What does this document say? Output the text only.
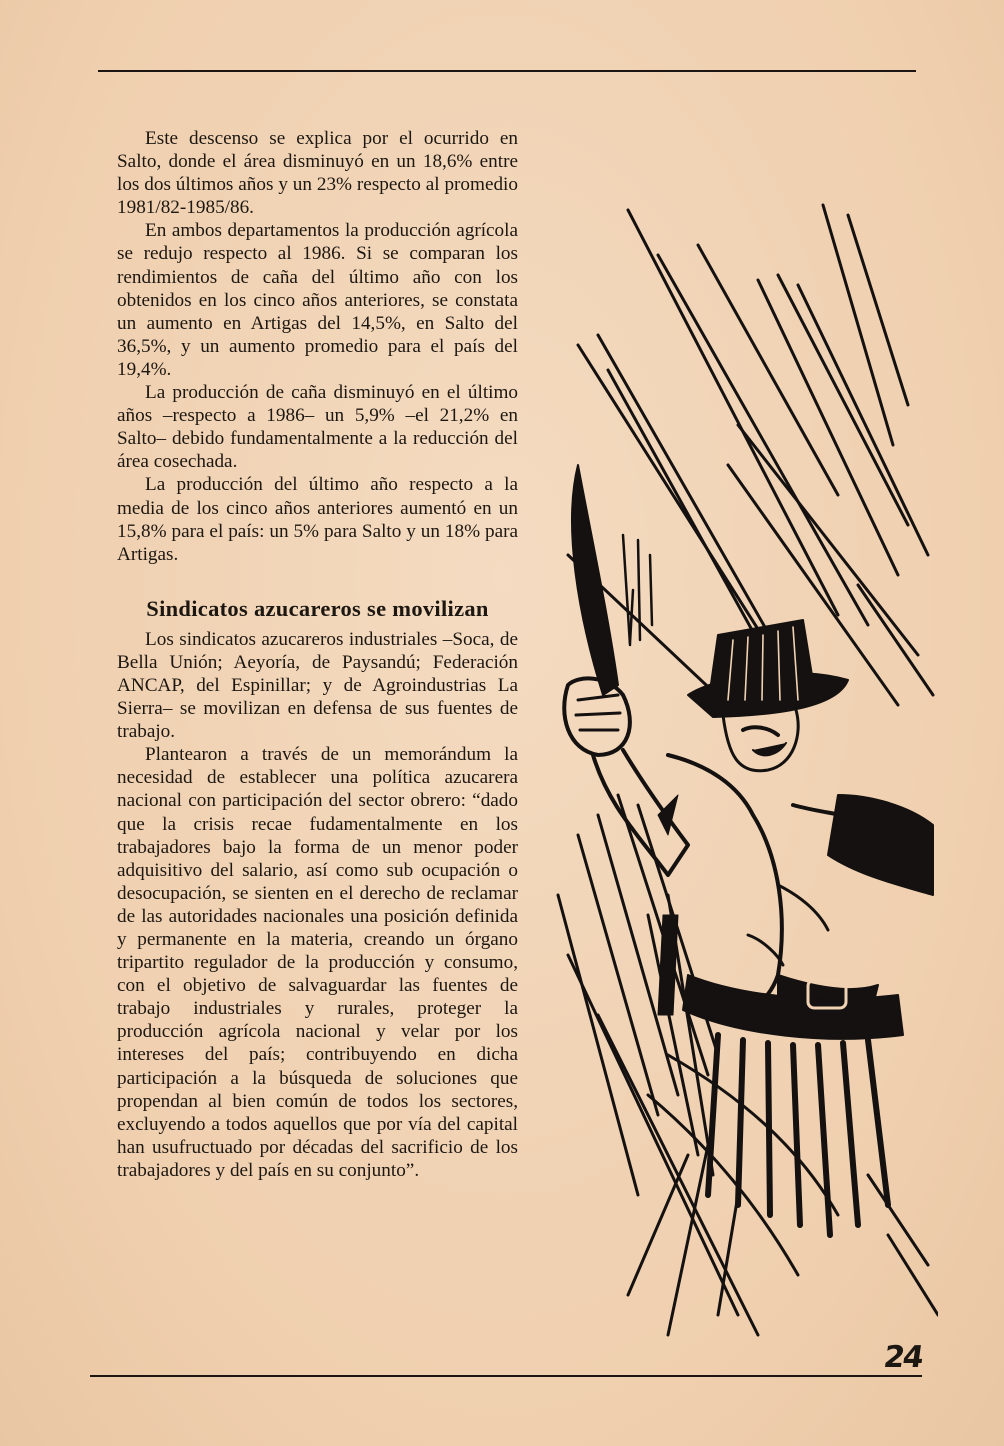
Este descenso se explica por el ocurrido en Salto, donde el área disminuyó en un 18,6% entre los dos últimos años y un 23% respecto al promedio 1981/82-1985/86.

En ambos departamentos la producción agrícola se redujo respecto al 1986. Si se comparan los rendimientos de caña del último año con los obtenidos en los cinco años anteriores, se constata un aumento en Artigas del 14,5%, en Salto del 36,5%, y un aumento promedio para el país del 19,4%.

La producción de caña disminuyó en el último años –respecto a 1986– un 5,9% –el 21,2% en Salto– debido fundamentalmente a la reducción del área cosechada.

La producción del último año respecto a la media de los cinco años anteriores aumentó en un 15,8% para el país: un 5% para Salto y un 18% para Artigas.

Sindicatos azucareros se movilizan

Los sindicatos azucareros industriales –Soca, de Bella Unión; Aeyoría, de Paysandú; Federación ANCAP, del Espinillar; y de Agroindustrias La Sierra– se movilizan en defensa de sus fuentes de trabajo.

Plantearon a través de un memorándum la necesidad de establecer una política azucarera nacional con participación del sector obrero: “dado que la crisis recae fudamentalmente en los trabajadores bajo la forma de un menor poder adquisitivo del salario, así como sub ocupación o desocupación, se sienten en el derecho de reclamar de las autoridades nacionales una posición definida y permanente en la materia, creando un órgano tripartito regulador de la producción y consumo, con el objetivo de salvaguardar las fuentes de trabajo industriales y rurales, proteger la producción agrícola nacional y velar por los intereses del país; contribuyendo en dicha participación a la búsqueda de soluciones que propendan al bien común de todos los sectores, excluyendo a todos aquellos que por vía del capital han usufructuado por décadas del sacrificio de los trabajadores y del país en su conjunto”.

24
